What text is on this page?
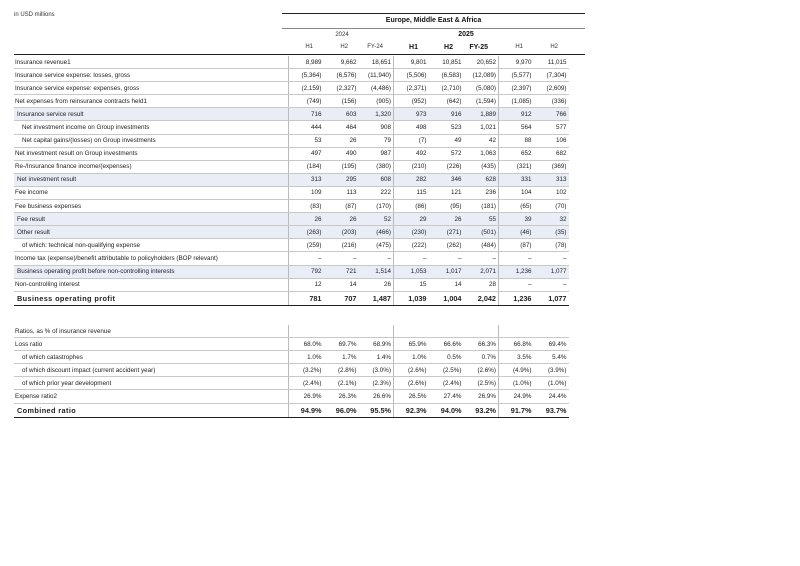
in USD millions
Europe, Middle East & Africa
2024	2025
H1	H2	FY-24	H1	H2	FY-25	H1	H2
Insurance revenue1	8,989	9,662	18,651	9,801	10,851	20,652	9,970	11,015
Insurance service expense: losses, gross	(5,364)	(6,576)	(11,940)	(5,506)	(6,583)	(12,089)	(5,577)	(7,304)
Insurance service expense: expenses, gross	(2,159)	(2,327)	(4,486)	(2,371)	(2,710)	(5,080)	(2,397)	(2,609)
Net expenses from reinsurance contracts held1	(749)	(156)	(905)	(952)	(642)	(1,594)	(1,085)	(336)
Insurance service result	716	603	1,320	973	916	1,889	912	766
Net investment income on Group investments	444	464	908	498	523	1,021	564	577
Net capital gains/(losses) on Group investments	53	26	79	(7)	49	42	88	106
Net investment result on Group investments	497	490	987	492	572	1,063	652	682
Re-/Insurance finance income/(expenses)	(184)	(195)	(380)	(210)	(226)	(435)	(321)	(369)
Net investment result	313	295	608	282	346	628	331	313
Fee income	109	113	222	115	121	236	104	102
Fee business expenses	(83)	(87)	(170)	(86)	(95)	(181)	(65)	(70)
Fee result	26	26	52	29	26	55	39	32
Other result	(263)	(203)	(466)	(230)	(271)	(501)	(46)	(35)
of which: technical non-qualifying expense	(259)	(216)	(475)	(222)	(262)	(484)	(87)	(78)
Income tax (expense)/benefit attributable to policyholders (BOP relevant)	–	–	–	–	–	–	–	–
Business operating profit before non-controlling interests	792	721	1,514	1,053	1,017	2,071	1,236	1,077
Non-controlling interest	12	14	26	15	14	28	–	–
Business operating profit	781	707	1,487	1,039	1,004	2,042	1,236	1,077
Ratios, as % of insurance revenue								
Loss ratio	68.0%	69.7%	68.9%	65.9%	66.6%	66.3%	66.8%	69.4%
of which catastrophes	1.0%	1.7%	1.4%	1.0%	0.5%	0.7%	3.5%	5.4%
of which discount impact (current accident year)	(3.2%)	(2.8%)	(3.0%)	(2.6%)	(2.5%)	(2.6%)	(4.9%)	(3.9%)
of which prior year development	(2.4%)	(2.1%)	(2.3%)	(2.6%)	(2.4%)	(2.5%)	(1.0%)	(1.0%)
Expense ratio2	26.9%	26.3%	26.6%	26.5%	27.4%	26.9%	24.9%	24.4%
Combined ratio	94.9%	96.0%	95.5%	92.3%	94.0%	93.2%	91.7%	93.7%
